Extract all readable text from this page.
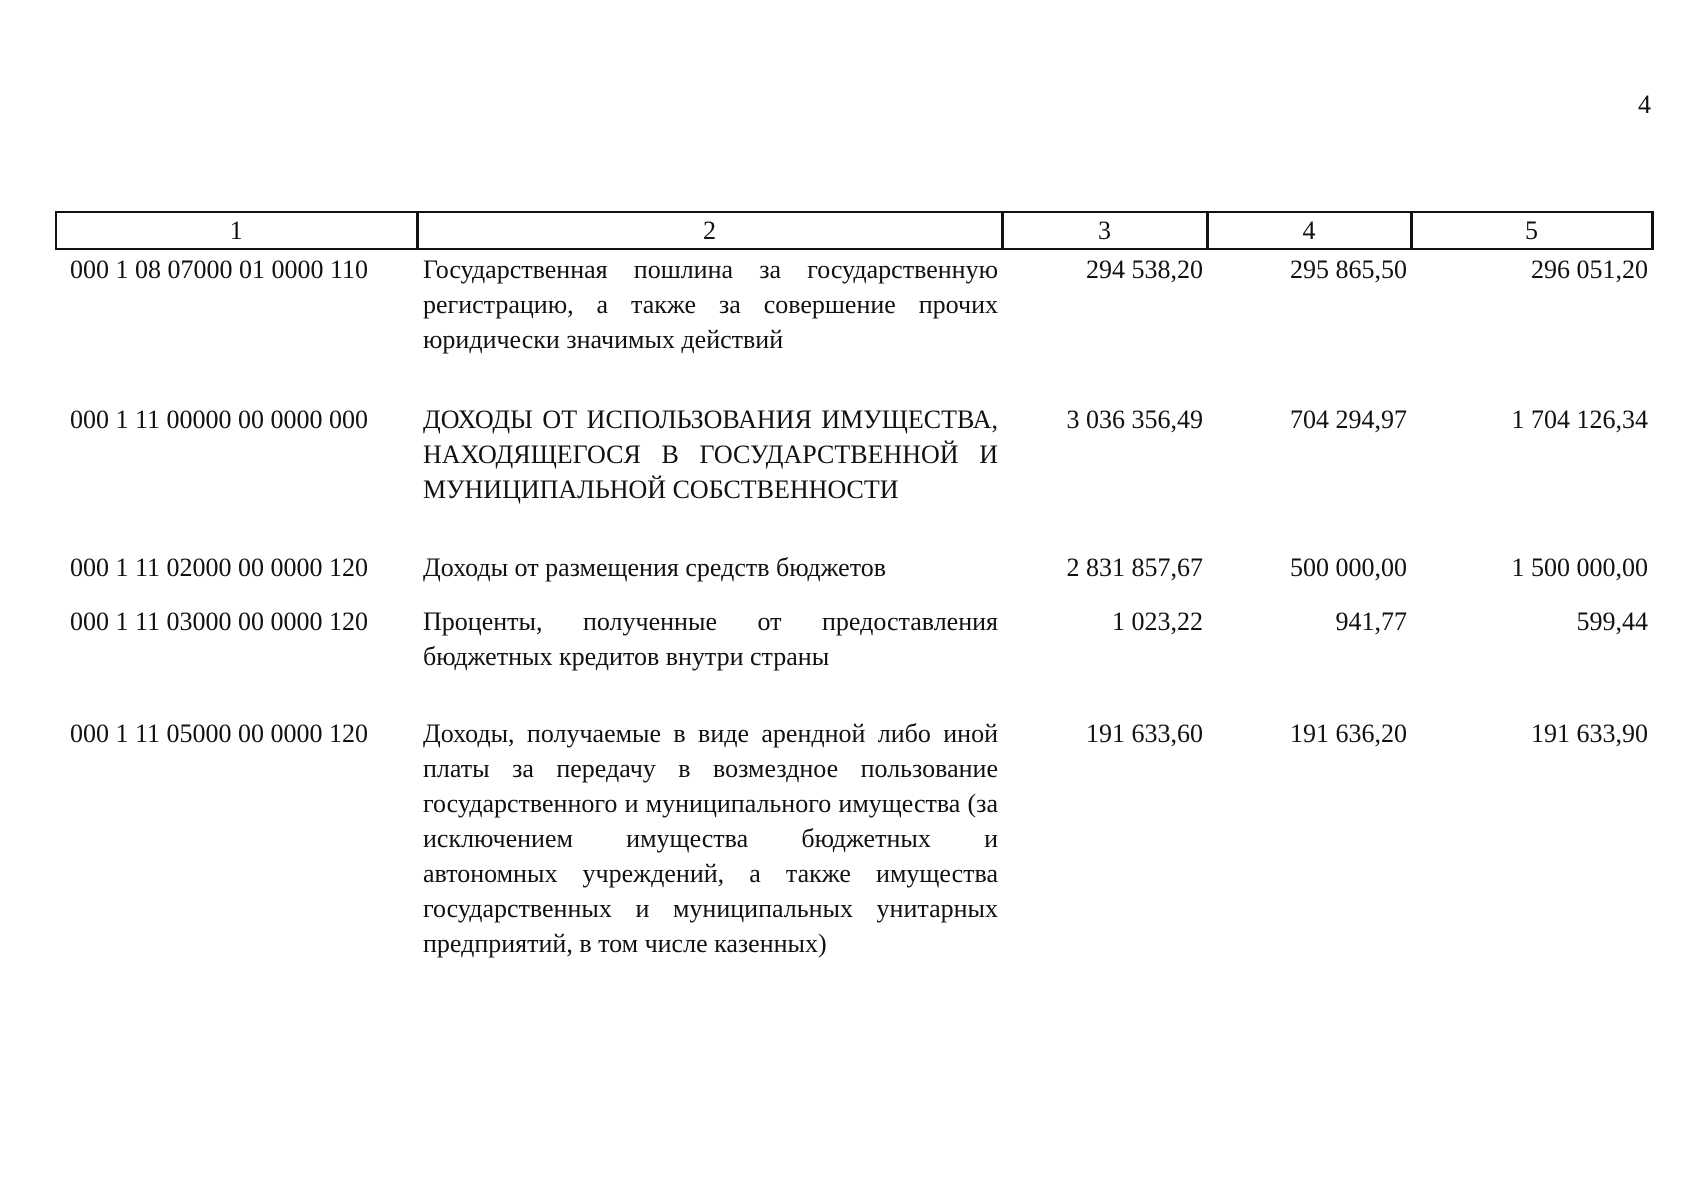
4
1	2	3	4	5
000 1 08 07000 01 0000 110	Государственная пошлина за государственную регистрацию, а также за совершение прочих юридически значимых действий	294 538,20	295 865,50	296 051,20
000 1 11 00000 00 0000 000	ДОХОДЫ ОТ ИСПОЛЬЗОВАНИЯ ИМУЩЕСТВА, НАХОДЯЩЕГОСЯ В ГОСУДАРСТВЕННОЙ И МУНИЦИПАЛЬНОЙ СОБСТВЕННОСТИ	3 036 356,49	704 294,97	1 704 126,34
000 1 11 02000 00 0000 120	Доходы от размещения средств бюджетов	2 831 857,67	500 000,00	1 500 000,00
000 1 11 03000 00 0000 120	Проценты, полученные от предоставления бюджетных кредитов внутри страны	1 023,22	941,77	599,44
000 1 11 05000 00 0000 120	Доходы, получаемые в виде арендной либо иной платы за передачу в возмездное пользование государственного и муниципального имущества (за исключением имущества бюджетных и автономных учреждений, а также имущества государственных и муниципальных унитарных предприятий, в том числе казенных)	191 633,60	191 636,20	191 633,90
